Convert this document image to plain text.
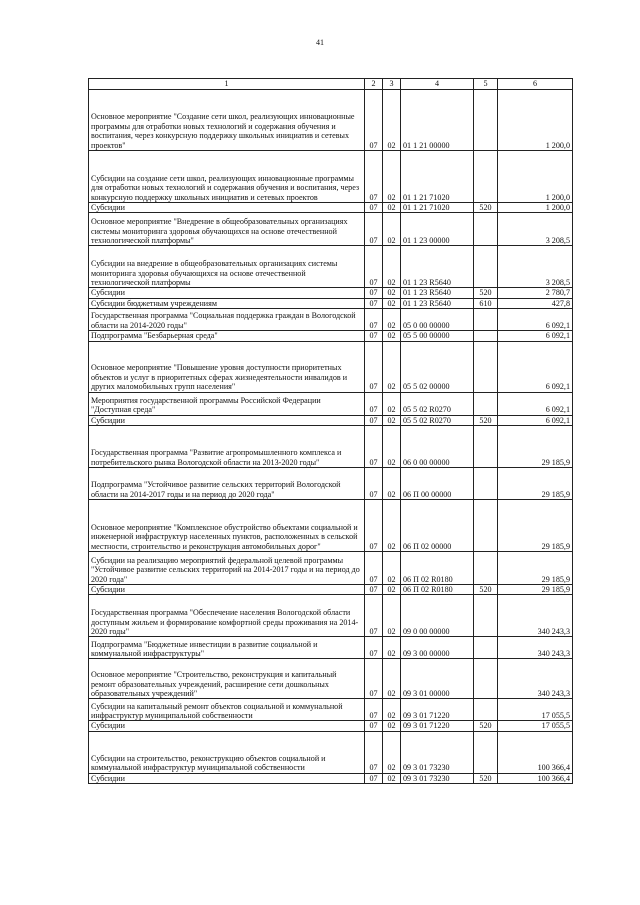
41
1	2	3	4	5	6
Основное мероприятие "Создание сети школ, реализующих инновационные программы для отработки новых технологий и содержания обучения и воспитания, через конкурсную поддержку школьных инициатив и сетевых проектов"	07	02	01 1 21 00000		1 200,0
Субсидии на создание сети школ, реализующих инновационные программы для отработки новых технологий и содержания обучения и воспитания, через конкурсную поддержку школьных инициатив и сетевых проектов	07	02	01 1 21 71020		1 200,0
Субсидии	07	02	01 1 21 71020	520	1 200,0
Основное мероприятие "Внедрение в общеобразовательных организациях системы мониторинга здоровья обучающихся на основе отечественной технологической платформы"	07	02	01 1 23 00000		3 208,5
Субсидии на внедрение в общеобразовательных организациях системы мониторинга здоровья обучающихся на основе отечественной технологической платформы	07	02	01 1 23 R5640		3 208,5
Субсидии	07	02	01 1 23 R5640	520	2 780,7
Субсидии бюджетным учреждениям	07	02	01 1 23 R5640	610	427,8
Государственная программа "Социальная поддержка граждан в Вологодской области на 2014-2020 годы"	07	02	05 0 00 00000		6 092,1
Подпрограмма "Безбарьерная среда"	07	02	05 5 00 00000		6 092,1
Основное мероприятие "Повышение уровня доступности приоритетных объектов и услуг в приоритетных сферах жизнедеятельности инвалидов и других маломобильных групп населения"	07	02	05 5 02 00000		6 092,1
Мероприятия государственной программы Российской Федерации "Доступная среда"	07	02	05 5 02 R0270		6 092,1
Субсидии	07	02	05 5 02 R0270	520	6 092,1
Государственная программа "Развитие агропромышленного комплекса и потребительского рынка Вологодской области на 2013-2020 годы"	07	02	06 0 00 00000		29 185,9
Подпрограмма "Устойчивое развитие сельских территорий Вологодской области на 2014-2017 годы и на период до 2020 года"	07	02	06 П 00 00000		29 185,9
Основное мероприятие "Комплексное обустройство объектами социальной и инженерной инфраструктур населенных пунктов, расположенных в сельской местности, строительство и реконструкция автомобильных дорог"	07	02	06 П 02 00000		29 185,9
Субсидии на реализацию мероприятий федеральной целевой программы "Устойчивое развитие сельских территорий на 2014-2017 годы и на период до 2020 года"	07	02	06 П 02 R0180		29 185,9
Субсидии	07	02	06 П 02 R0180	520	29 185,9
Государственная программа "Обеспечение населения Вологодской области доступным жильем и формирование комфортной среды проживания на 2014-2020 годы"	07	02	09 0 00 00000		340 243,3
Подпрограмма "Бюджетные инвестиции в развитие социальной и коммунальной инфраструктуры"	07	02	09 3 00 00000		340 243,3
Основное мероприятие "Строительство, реконструкция и капитальный ремонт образовательных учреждений, расширение сети дошкольных образовательных учреждений"	07	02	09 3 01 00000		340 243,3
Субсидии на капитальный ремонт объектов социальной и коммунальной инфраструктур муниципальной собственности	07	02	09 3 01 71220		17 055,5
Субсидии	07	02	09 3 01 71220	520	17 055,5
Субсидии на строительство, реконструкцию объектов социальной и коммунальной инфраструктур муниципальной собственности	07	02	09 3 01 73230		100 366,4
Субсидии	07	02	09 3 01 73230	520	100 366,4
